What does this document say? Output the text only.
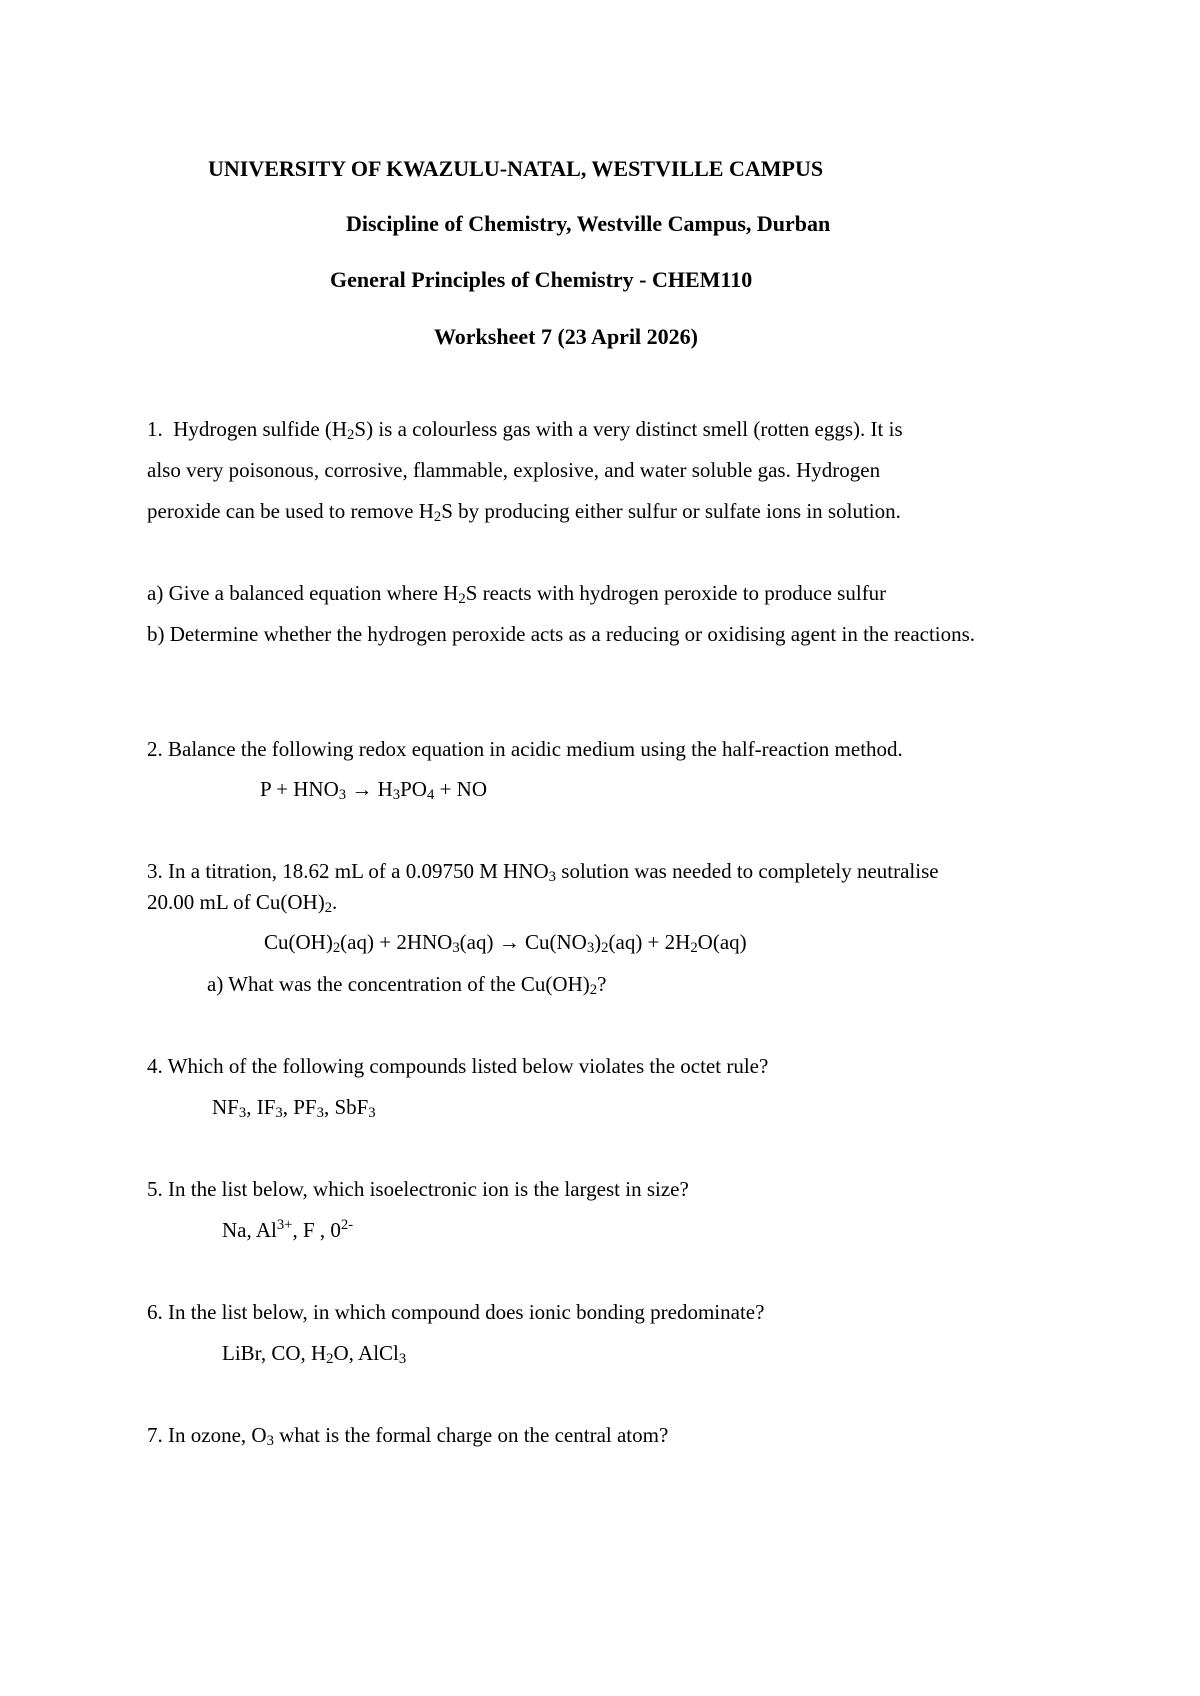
UNIVERSITY OF KWAZULU-NATAL, WESTVILLE CAMPUS

Discipline of Chemistry, Westville Campus, Durban

General Principles of Chemistry - CHEM110

Worksheet 7 (23 April 2026)

1. Hydrogen sulfide $(H_2S)$ is a colourless gas with a very distinct smell (rotten eggs). It is

also very poisonous, corrosive, flammable, explosive, and water soluble gas. Hydrogen

peroxide can be used to remove $H_2S$ by producing either sulfur or sulfate ions in solution.

a) Give a balanced equation where $H_2S$ reacts with hydrogen peroxide to produce sulfur

b) Determine whether the hydrogen peroxide acts as a reducing or oxidising agent in the reactions.

2. Balance the following redox equation in acidic medium using the half-reaction method.

$P + HNO_3 \to H_3PO_4$ + NO

3. In a titration, 18.62 mL of a 0.09750 M $HNO_3$ solution was needed to completely neutralise

20.00 mL of $Cu(OH)_2$.

$Cu(OH)_2(aq) + 2HNO_3(aq) \to Cu(NO_3)_2(aq) + 2H_2O(aq)$

a) What was the concentration of the $Cu(OH)_2$?

4. Which of the following compounds listed below violates the octet rule?

$NF_3$, $IF_3$, $PF_3$, SbF$_3$

5. In the list below, which isoelectronic ion is the largest in size?

Na, $Al^{3+}$, F , $0^{2-}$

6. In the list below, in which compound does ionic bonding predominate?

LiBr, CO, $H_2O$, AlCl$_3$

7. In ozone, $O_3$ what is the formal charge on the central atom?
